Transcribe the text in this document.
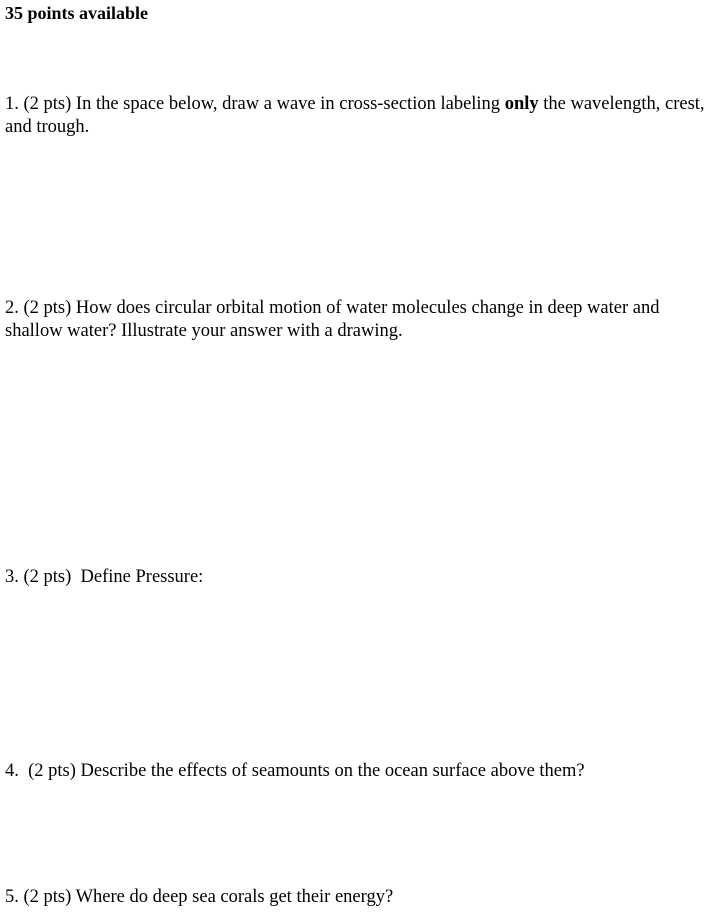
35 points available

1. (2 pts) In the space below, draw a wave in cross-section labeling only the wavelength, crest, and trough.

2. (2 pts) How does circular orbital motion of water molecules change in deep water and shallow water? Illustrate your answer with a drawing.

3. (2 pts)  Define Pressure:

4.  (2 pts) Describe the effects of seamounts on the ocean surface above them?

5. (2 pts) Where do deep sea corals get their energy?
